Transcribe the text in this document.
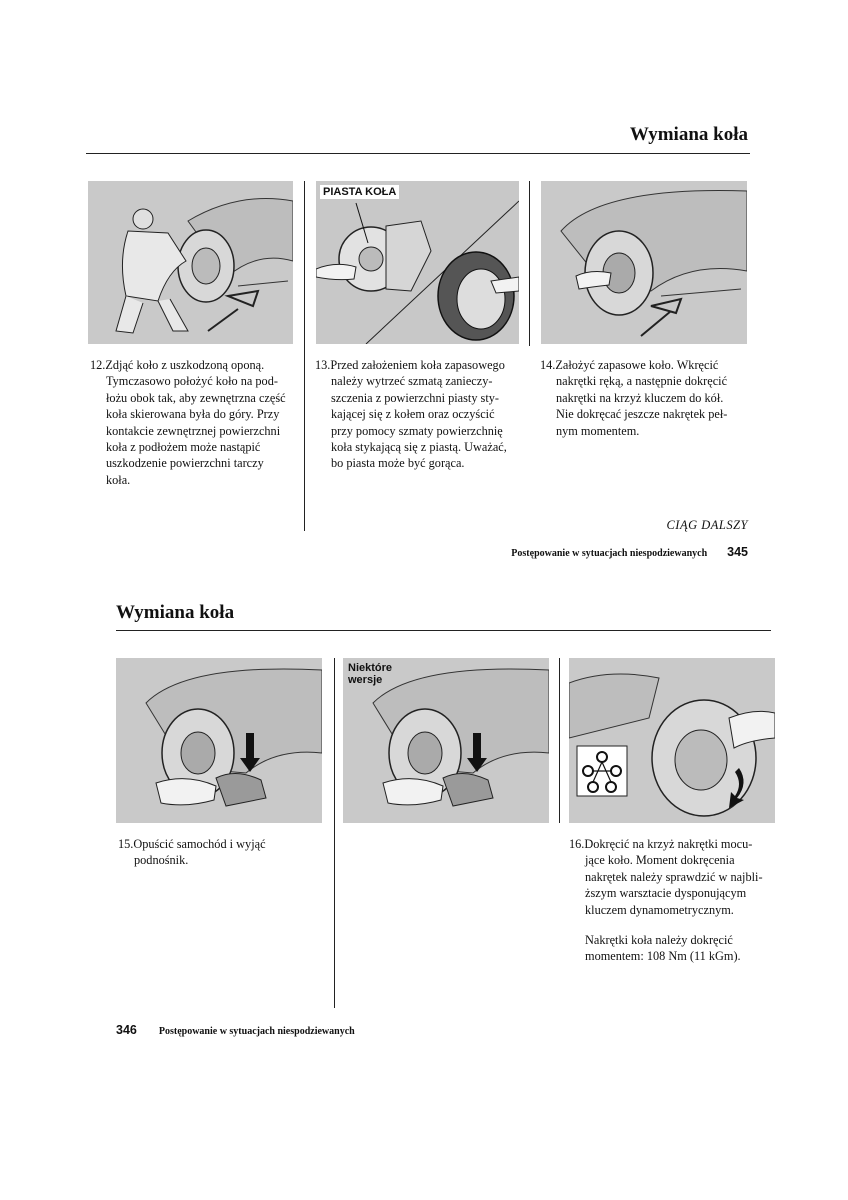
Wymiana koła
PIASTA KOŁA

12.Zdjąć koło z uszkodzoną oponą.
Tymczasowo położyć koło na pod-
łożu obok tak, aby zewnętrzna część
koła skierowana była do góry. Przy
kontakcie zewnętrznej powierzchni
koła z podłożem może nastąpić
uszkodzenie powierzchni tarczy
koła.

13.Przed założeniem koła zapasowego
należy wytrzeć szmatą zanieczy-
szczenia z powierzchni piasty sty-
kającej się z kołem oraz oczyścić
przy pomocy szmaty powierzchnię
koła stykającą się z piastą. Uważać,
bo piasta może być gorąca.

14.Założyć zapasowe koło. Wkręcić
nakrętki ręką, a następnie dokręcić
nakrętki na krzyż kluczem do kół.
Nie dokręcać jeszcze nakrętek peł-
nym momentem.

CIĄG DALSZY
Postępowanie w sytuacjach niespodziewanych 345
Wymiana koła
Niektóre
wersje

15.Opuścić samochód i wyjąć
podnośnik.

16.Dokręcić na krzyż nakrętki mocu-
jące koło. Moment dokręcenia
nakrętek należy sprawdzić w najbli-
ższym warsztacie dysponującym
kluczem dynamometrycznym.

Nakrętki koła należy dokręcić
momentem: 108 Nm (11 kGm).

346 Postępowanie w sytuacjach niespodziewanych
